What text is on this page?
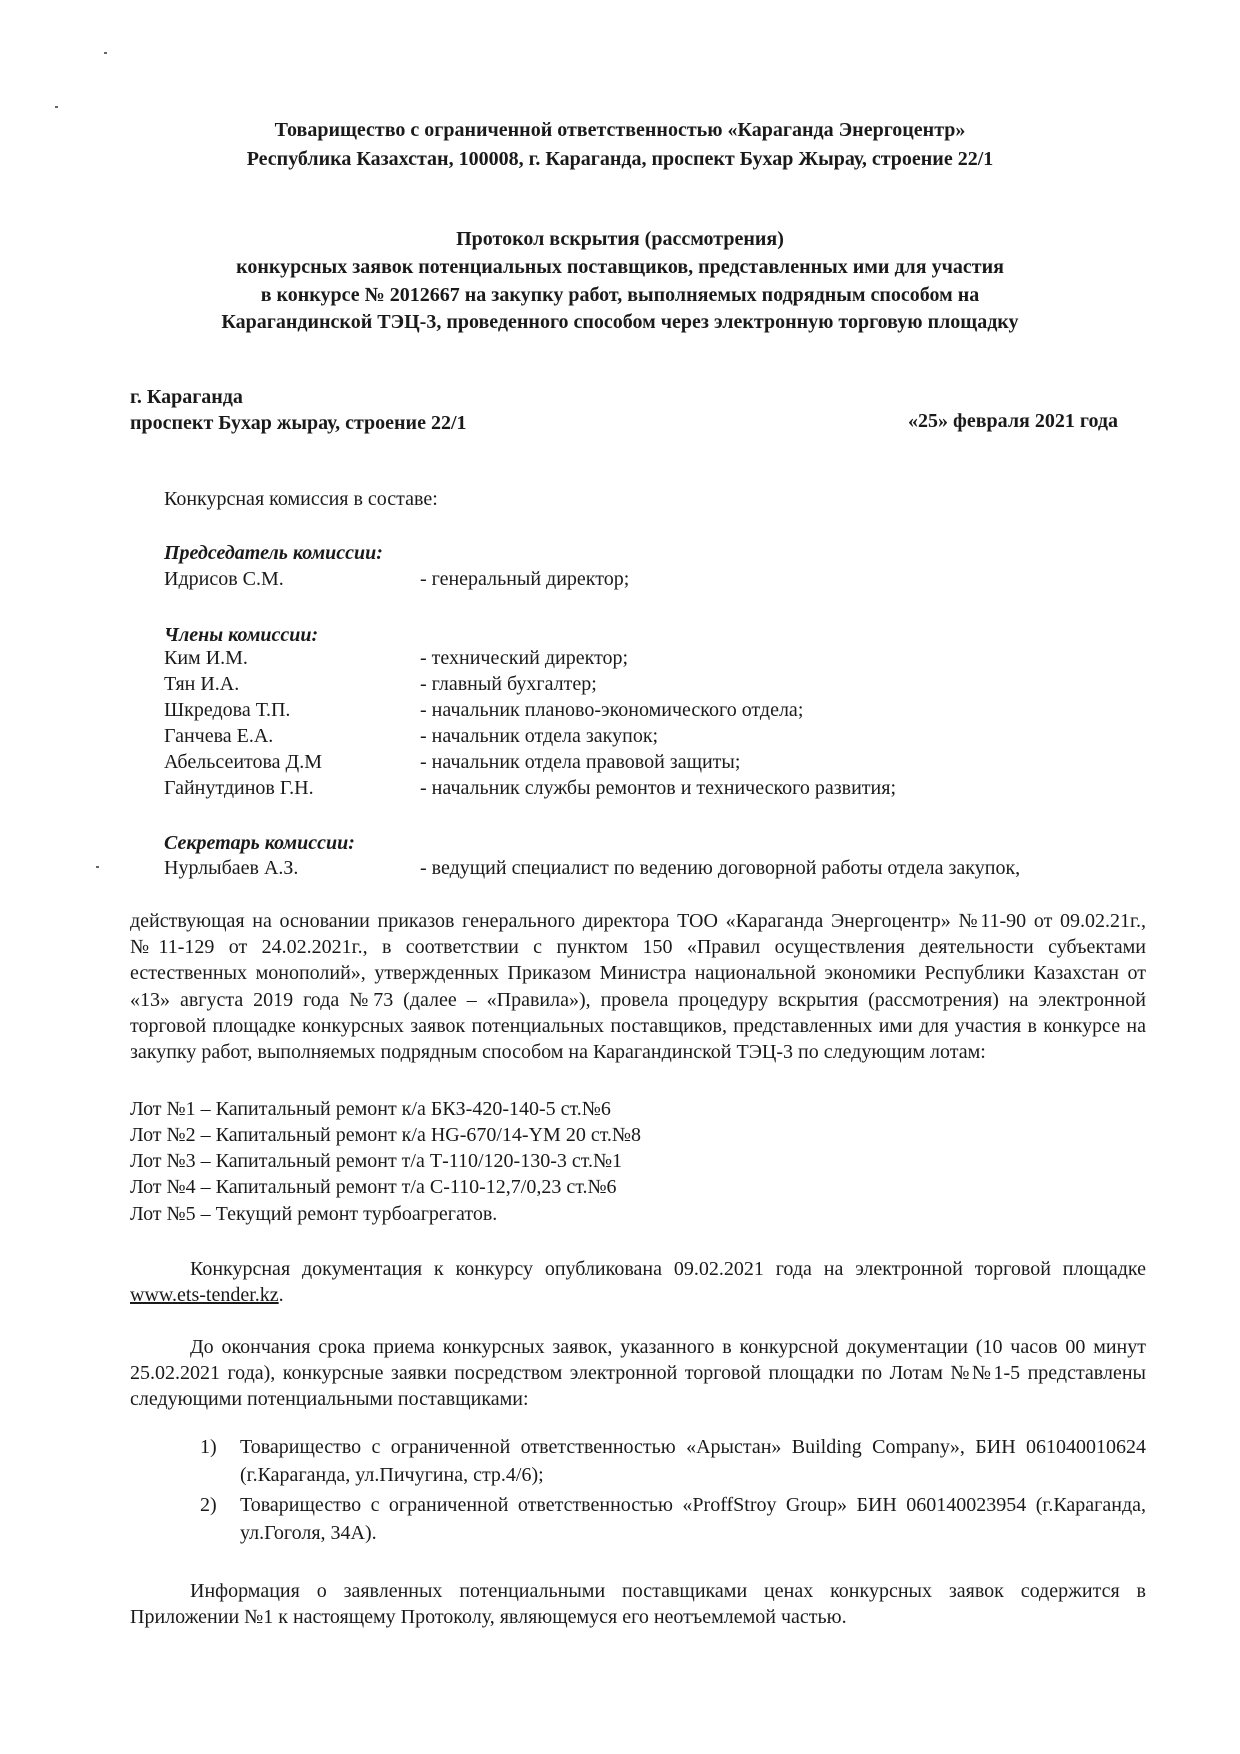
Товарищество с ограниченной ответственностью «Караганда Энергоцентр»
Республика Казахстан, 100008, г. Караганда, проспект Бухар Жырау, строение 22/1
Протокол вскрытия (рассмотрения)
конкурсных заявок потенциальных поставщиков, представленных ими для участия
в конкурсе № 2012667 на закупку работ, выполняемых подрядным способом на
Карагандинской ТЭЦ-3, проведенного способом через электронную торговую площадку
г. Караганда
проспект Бухар жырау, строение 22/1	«25» февраля 2021 года
Конкурсная комиссия в составе:
Председатель комиссии:
Идрисов С.М.	- генеральный директор;
Члены комиссии:
Ким И.М.	- технический директор;
Тян И.А.	- главный бухгалтер;
Шкредова Т.П.	- начальник планово-экономического отдела;
Ганчева Е.А.	- начальник отдела закупок;
Абельсеитова Д.М	- начальник отдела правовой защиты;
Гайнутдинов Г.Н.	- начальник службы ремонтов и технического развития;
Секретарь комиссии:
Нурлыбаев А.З.	- ведущий специалист по ведению договорной работы отдела закупок,
действующая на основании приказов генерального директора ТОО «Караганда Энергоцентр» №11-90 от 09.02.21г., №11-129 от 24.02.2021г., в соответствии с пунктом 150 «Правил осуществления деятельности субъектами естественных монополий», утвержденных Приказом Министра национальной экономики Республики Казахстан от «13» августа 2019 года №73 (далее – «Правила»), провела процедуру вскрытия (рассмотрения) на электронной торговой площадке конкурсных заявок потенциальных поставщиков, представленных ими для участия в конкурсе на закупку работ, выполняемых подрядным способом на Карагандинской ТЭЦ-3 по следующим лотам:
Лот №1 – Капитальный ремонт к/а БКЗ-420-140-5 ст.№6
Лот №2 – Капитальный ремонт к/а HG-670/14-YM 20 ст.№8
Лот №3 – Капитальный ремонт т/а Т-110/120-130-3 ст.№1
Лот №4 – Капитальный ремонт т/а С-110-12,7/0,23 ст.№6
Лот №5 – Текущий ремонт турбоагрегатов.
Конкурсная документация к конкурсу опубликована 09.02.2021 года на электронной торговой площадке www.ets-tender.kz.
До окончания срока приема конкурсных заявок, указанного в конкурсной документации (10 часов 00 минут 25.02.2021 года), конкурсные заявки посредством электронной торговой площадки по Лотам №№1-5 представлены следующими потенциальными поставщиками:
1) Товарищество с ограниченной ответственностью «Арыстан» Building Company», БИН 061040010624 (г.Караганда, ул.Пичугина, стр.4/6);
2) Товарищество с ограниченной ответственностью «ProffStroy Group» БИН 060140023954 (г.Караганда, ул.Гоголя, 34А).
Информация о заявленных потенциальными поставщиками ценах конкурсных заявок содержится в Приложении №1 к настоящему Протоколу, являющемуся его неотъемлемой частью.
